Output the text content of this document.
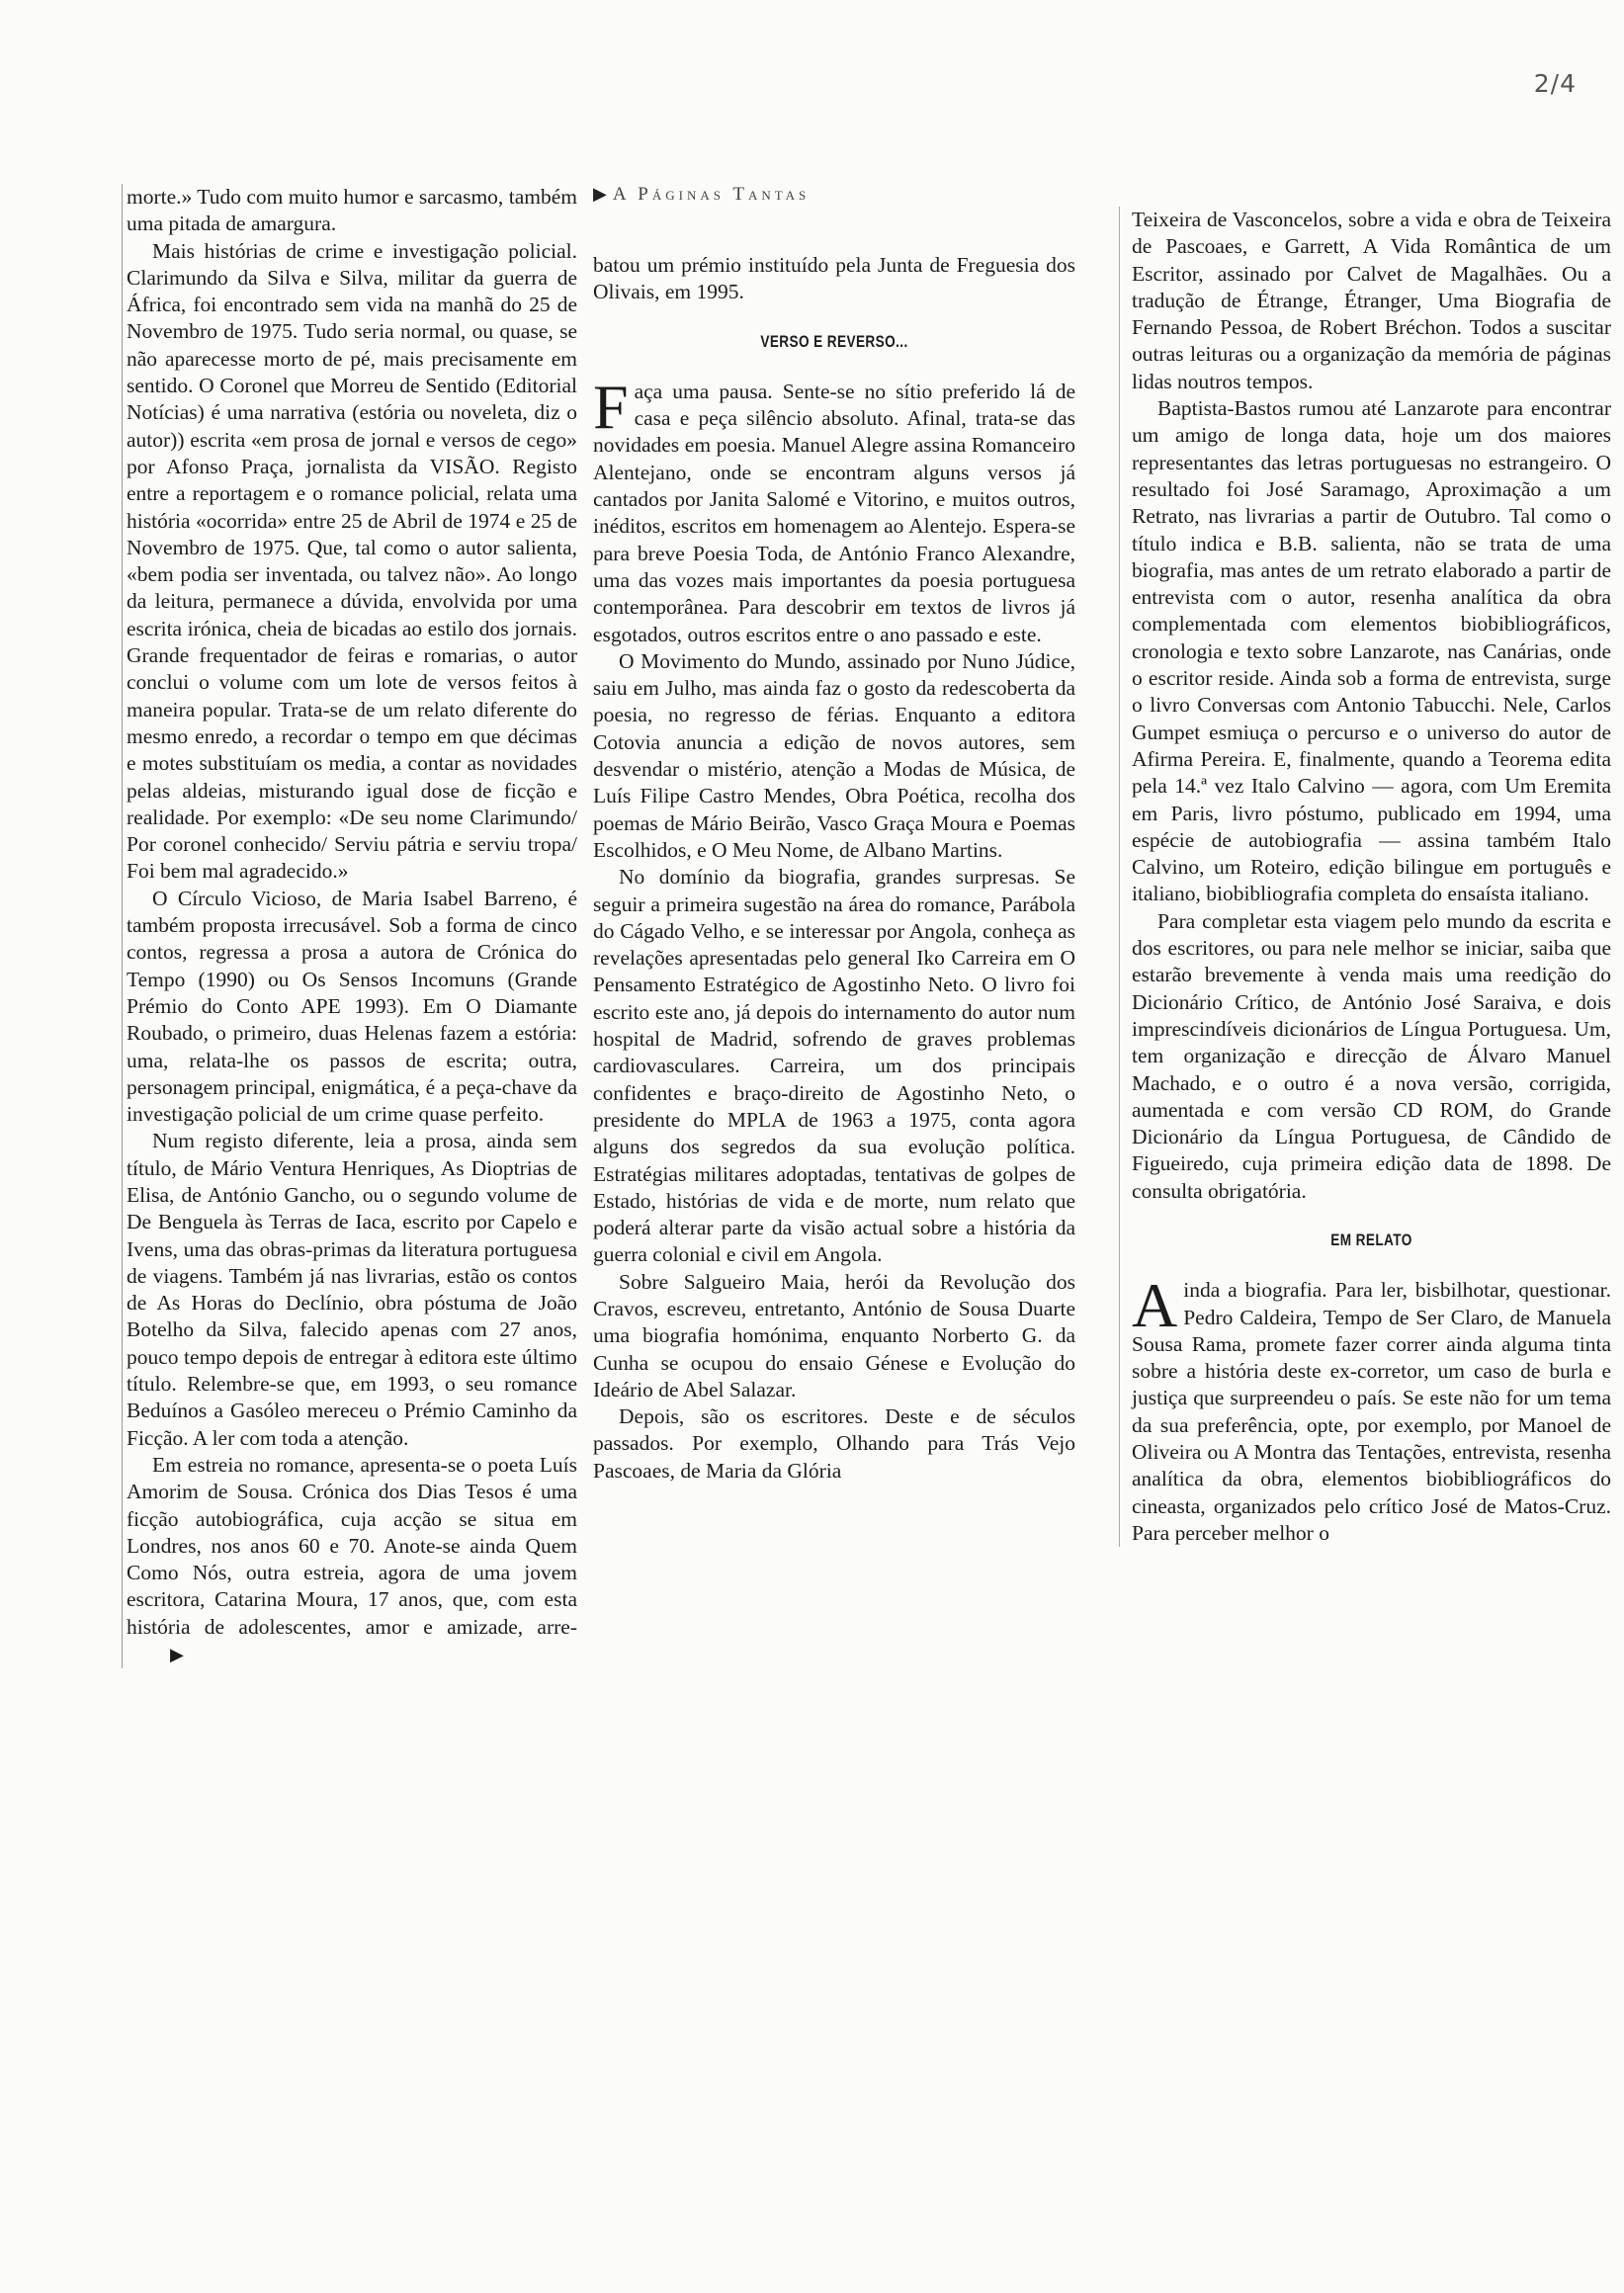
2/4
▶ A Páginas Tantas

morte.» Tudo com muito humor e sarcasmo, também uma pitada de amargura.

Mais histórias de crime e investigação policial. Clarimundo da Silva e Silva, militar da guerra de África, foi encontrado sem vida na manhã do 25 de Novembro de 1975. Tudo seria normal, ou quase, se não aparecesse morto de pé, mais precisamente em sentido. O Coronel que Morreu de Sentido (Editorial Notícias) é uma narrativa (estória ou noveleta, diz o autor)) escrita «em prosa de jornal e versos de cego» por Afonso Praça, jornalista da VISÃO. Registo entre a reportagem e o romance policial, relata uma história «ocorrida» entre 25 de Abril de 1974 e 25 de Novembro de 1975. Que, tal como o autor salienta, «bem podia ser inventada, ou talvez não». Ao longo da leitura, permanece a dúvida, envolvida por uma escrita irónica, cheia de bicadas ao estilo dos jornais. Grande frequentador de feiras e romarias, o autor conclui o volume com um lote de versos feitos à maneira popular. Trata-se de um relato diferente do mesmo enredo, a recordar o tempo em que décimas e motes substituíam os media, a contar as novidades pelas aldeias, misturando igual dose de ficção e realidade. Por exemplo: «De seu nome Clarimundo/ Por coronel conhecido/ Serviu pátria e serviu tropa/ Foi bem mal agradecido.»

O Círculo Vicioso, de Maria Isabel Barreno, é também proposta irrecusável. Sob a forma de cinco contos, regressa a prosa a autora de Crónica do Tempo (1990) ou Os Sensos Incomuns (Grande Prémio do Conto APE 1993). Em O Diamante Roubado, o primeiro, duas Helenas fazem a estória: uma, relata-lhe os passos de escrita; outra, personagem principal, enigmática, é a peça-chave da investigação policial de um crime quase perfeito.

Num registo diferente, leia a prosa, ainda sem título, de Mário Ventura Henriques, As Dioptrias de Elisa, de António Gancho, ou o segundo volume de De Benguela às Terras de Iaca, escrito por Capelo e Ivens, uma das obras-primas da literatura portuguesa de viagens. Também já nas livrarias, estão os contos de As Horas do Declínio, obra póstuma de João Botelho da Silva, falecido apenas com 27 anos, pouco tempo depois de entregar à editora este último título. Relembre-se que, em 1993, o seu romance Beduínos a Gasóleo mereceu o Prémio Caminho da Ficção. A ler com toda a atenção.

Em estreia no romance, apresenta-se o poeta Luís Amorim de Sousa. Crónica dos Dias Tesos é uma ficção autobiográfica, cuja acção se situa em Londres, nos anos 60 e 70. Anote-se ainda Quem Como Nós, outra estreia, agora de uma jovem escritora, Catarina Moura, 17 anos, que, com esta história de adolescentes, amor e amizade, arre-▶

batou um prémio instituído pela Junta de Freguesia dos Olivais, em 1995.

VERSO E REVERSO...

Faça uma pausa. Sente-se no sítio preferido lá de casa e peça silêncio absoluto. Afinal, trata-se das novidades em poesia. Manuel Alegre assina Romanceiro Alentejano, onde se encontram alguns versos já cantados por Janita Salomé e Vitorino, e muitos outros, inéditos, escritos em homenagem ao Alentejo. Espera-se para breve Poesia Toda, de António Franco Alexandre, uma das vozes mais importantes da poesia portuguesa contemporânea. Para descobrir em textos de livros já esgotados, outros escritos entre o ano passado e este.

O Movimento do Mundo, assinado por Nuno Júdice, saiu em Julho, mas ainda faz o gosto da redescoberta da poesia, no regresso de férias. Enquanto a editora Cotovia anuncia a edição de novos autores, sem desvendar o mistério, atenção a Modas de Música, de Luís Filipe Castro Mendes, Obra Poética, recolha dos poemas de Mário Beirão, Vasco Graça Moura e Poemas Escolhidos, e O Meu Nome, de Albano Martins.

No domínio da biografia, grandes surpresas. Se seguir a primeira sugestão na área do romance, Parábola do Cágado Velho, e se interessar por Angola, conheça as revelações apresentadas pelo general Iko Carreira em O Pensamento Estratégico de Agostinho Neto. O livro foi escrito este ano, já depois do internamento do autor num hospital de Madrid, sofrendo de graves problemas cardiovasculares. Carreira, um dos principais confidentes e braço-direito de Agostinho Neto, o presidente do MPLA de 1963 a 1975, conta agora alguns dos segredos da sua evolução política. Estratégias militares adoptadas, tentativas de golpes de Estado, histórias de vida e de morte, num relato que poderá alterar parte da visão actual sobre a história da guerra colonial e civil em Angola.

Sobre Salgueiro Maia, herói da Revolução dos Cravos, escreveu, entretanto, António de Sousa Duarte uma biografia homónima, enquanto Norberto G. da Cunha se ocupou do ensaio Génese e Evolução do Ideário de Abel Salazar.

Depois, são os escritores. Deste e de séculos passados. Por exemplo, Olhando para Trás Vejo Pascoaes, de Maria da Glória

Teixeira de Vasconcelos, sobre a vida e obra de Teixeira de Pascoaes, e Garrett, A Vida Romântica de um Escritor, assinado por Calvet de Magalhães. Ou a tradução de Étrange, Étranger, Uma Biografia de Fernando Pessoa, de Robert Bréchon. Todos a suscitar outras leituras ou a organização da memória de páginas lidas noutros tempos.

Baptista-Bastos rumou até Lanzarote para encontrar um amigo de longa data, hoje um dos maiores representantes das letras portuguesas no estrangeiro. O resultado foi José Saramago, Aproximação a um Retrato, nas livrarias a partir de Outubro. Tal como o título indica e B.B. salienta, não se trata de uma biografia, mas antes de um retrato elaborado a partir de entrevista com o autor, resenha analítica da obra complementada com elementos biobibliográficos, cronologia e texto sobre Lanzarote, nas Canárias, onde o escritor reside. Ainda sob a forma de entrevista, surge o livro Conversas com Antonio Tabucchi. Nele, Carlos Gumpet esmiuça o percurso e o universo do autor de Afirma Pereira. E, finalmente, quando a Teorema edita pela 14.ª vez Italo Calvino — agora, com Um Eremita em Paris, livro póstumo, publicado em 1994, uma espécie de autobiografia — assina também Italo Calvino, um Roteiro, edição bilingue em português e italiano, biobibliografia completa do ensaísta italiano.

Para completar esta viagem pelo mundo da escrita e dos escritores, ou para nele melhor se iniciar, saiba que estarão brevemente à venda mais uma reedição do Dicionário Crítico, de António José Saraiva, e dois imprescindíveis dicionários de Língua Portuguesa. Um, tem organização e direcção de Álvaro Manuel Machado, e o outro é a nova versão, corrigida, aumentada e com versão CD ROM, do Grande Dicionário da Língua Portuguesa, de Cândido de Figueiredo, cuja primeira edição data de 1898. De consulta obrigatória.

EM RELATO

Ainda a biografia. Para ler, bisbilhotar, questionar. Pedro Caldeira, Tempo de Ser Claro, de Manuela Sousa Rama, promete fazer correr ainda alguma tinta sobre a história deste ex-corretor, um caso de burla e justiça que surpreendeu o país. Se este não for um tema da sua preferência, opte, por exemplo, por Manoel de Oliveira ou A Montra das Tentações, entrevista, resenha analítica da obra, elementos biobibliográficos do cineasta, organizados pelo crítico José de Matos-Cruz. Para perceber melhor o
